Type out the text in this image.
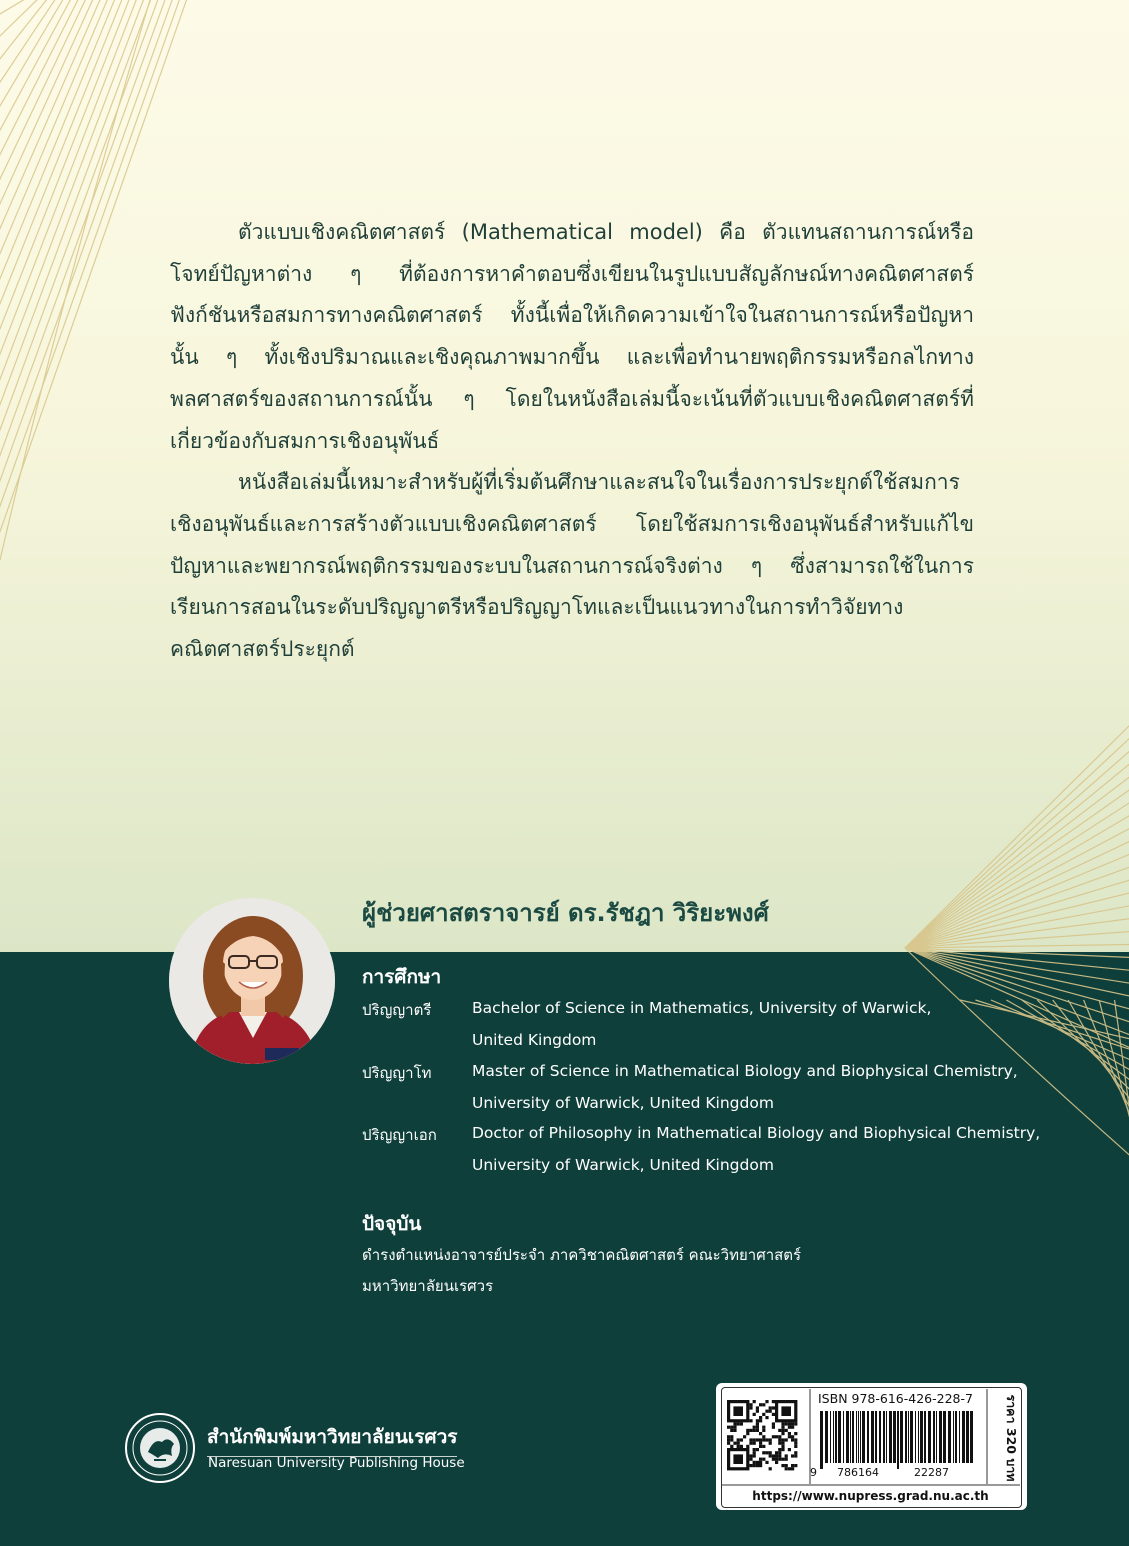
ตัวแบบเชิงคณิตศาสตร์ (Mathematical model) คือ ตัวแทนสถานการณ์หรือโจทย์ปัญหาต่าง ๆ ที่ต้องการหาคำตอบซึ่งเขียนในรูปแบบสัญลักษณ์ทางคณิตศาสตร์ ฟังก์ชันหรือสมการทางคณิตศาสตร์ ทั้งนี้เพื่อให้เกิดความเข้าใจในสถานการณ์หรือปัญหานั้น ๆ ทั้งเชิงปริมาณและเชิงคุณภาพมากขึ้น และเพื่อทำนายพฤติกรรมหรือกลไกทางพลศาสตร์ของสถานการณ์นั้น ๆ โดยในหนังสือเล่มนี้จะเน้นที่ตัวแบบเชิงคณิตศาสตร์ที่เกี่ยวข้องกับสมการเชิงอนุพันธ์

หนังสือเล่มนี้เหมาะสำหรับผู้ที่เริ่มต้นศึกษาและสนใจในเรื่องการประยุกต์ใช้สมการเชิงอนุพันธ์และการสร้างตัวแบบเชิงคณิตศาสตร์ โดยใช้สมการเชิงอนุพันธ์สำหรับแก้ไขปัญหาและพยากรณ์พฤติกรรมของระบบในสถานการณ์จริงต่าง ๆ ซึ่งสามารถใช้ในการเรียนการสอนในระดับปริญญาตรีหรือปริญญาโทและเป็นแนวทางในการทำวิจัยทางคณิตศาสตร์ประยุกต์

ผู้ช่วยศาสตราจารย์ ดร.รัชฎา วิริยะพงศ์
การศึกษา
ปริญญาตรี	Bachelor of Science in Mathematics, University of Warwick,
United Kingdom
ปริญญาโท	Master of Science in Mathematical Biology and Biophysical Chemistry,
University of Warwick, United Kingdom
ปริญญาเอก Doctor of Philosophy in Mathematical Biology and Biophysical Chemistry,
University of Warwick, United Kingdom
ปัจจุบัน
ดำรงตำแหน่งอาจารย์ประจำ ภาควิชาคณิตศาสตร์ คณะวิทยาศาสตร์
มหาวิทยาลัยนเรศวร
สำนักพิมพ์มหาวิทยาลัยนเรศวร
Naresuan University Publishing House
ISBN 978-616-426-228-7
9 786164	22287	ราคา 320 บาท
https://www.nupress.grad.nu.ac.th
